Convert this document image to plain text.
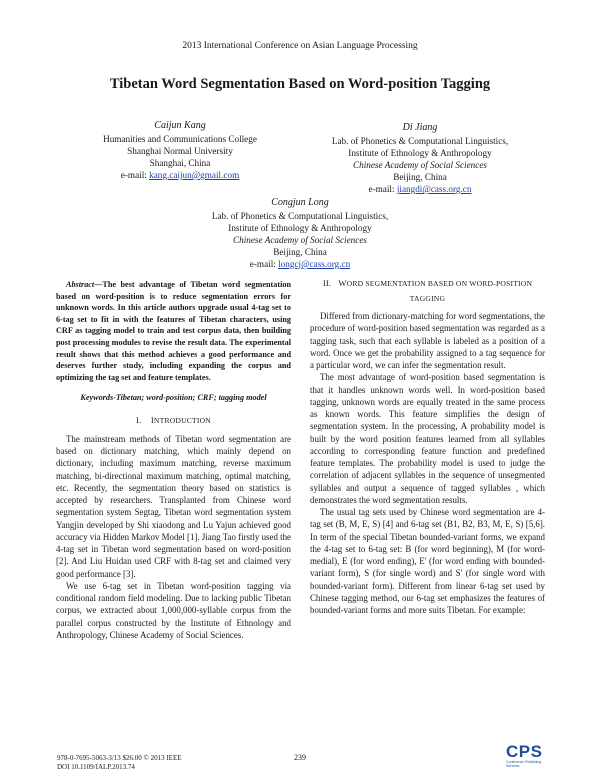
2013 International Conference on Asian Language Processing
Tibetan Word Segmentation Based on Word-position Tagging
Caijun Kang
Humanities and Communications College
Shanghai Normal University
Shanghai, China
e-mail: kang.caijun@gmail.com
Di Jiang
Lab. of Phonetics & Computational Linguistics,
Institute of Ethnology & Anthropology
Chinese Academy of Social Sciences
Beijing, China
e-mail: jiangdi@cass.org.cn
Congjun Long
Lab. of Phonetics & Computational Linguistics,
Institute of Ethnology & Anthropology
Chinese Academy of Social Sciences
Beijing, China
e-mail: longcj@cass.org.cn

Abstract—The best advantage of Tibetan word segmentation based on word-position is to reduce segmentation errors for unknown words. In this article authors upgrade usual 4-tag set to 6-tag set to fit in with the features of Tibetan characters, using CRF as tagging model to train and test corpus data, then building post processing modules to revise the result data. The experimental result shows that this method achieves a good performance and deserves further study, including expanding the corpus and optimizing the tag set and feature templates.

Keywords-Tibetan; word-position; CRF; tagging model

I. INTRODUCTION

The mainstream methods of Tibetan word segmentation are based on dictionary matching, which mainly depend on dictionary, including maximum matching, reverse maximum matching, bi-directional maximum matching, optimal matching, etc. Recently, the segmentation theory based on statistics is accepted by researchers. Transplanted from Chinese word segmentation system Segtag, Tibetan word segmentation system Yangjin developed by Shi xiaodong and Lu Yajun achieved good accuracy via Hidden Markov Model [1]. Jiang Tao firstly used the 4-tag set in Tibetan word segmentation based on word-position [2]. And Liu Huidan used CRF with 8-tag set and claimed very good performance [3].

We use 6-tag set in Tibetan word-position tagging via conditional random field modeling. Due to lacking public Tibetan corpus, we extracted about 1,000,000-syllable corpus from the parallel corpus constructed by the Institute of Ethnology and Anthropology, Chinese Academy of Social Sciences.

II. WORD SEGMENTATION BASED ON WORD-POSITION
TAGGING

Differed from dictionary-matching for word segmentations, the procedure of word-position based segmentation was regarded as a tagging task, such that each syllable is labeled as a position of a word. Once we get the probability assigned to a tag sequence for a particular word, we can infer the segmentation result.

The most advantage of word-position based segmentation is that it handles unknown words well. In word-position based tagging, unknown words are equally treated in the same process as known words. This feature simplifies the design of segmentation system. In the processing, A probability model is built by the word position features learned from all syllables according to corresponding feature function and predefined feature templates. The probability model is used to judge the correlation of adjacent syllables in the sequence of unsegmented syllables and output a sequence of tagged syllables , which demonstrates the word segmentation results.

The usual tag sets used by Chinese word segmentation are 4-tag set (B, M, E, S) [4] and 6-tag set (B1, B2, B3, M, E, S) [5,6]. In term of the special Tibetan bounded-variant forms, we expand the 4-tag set to 6-tag set: B (for word beginning), M (for word-medial), E (for word ending), E' (for word ending with bounded-variant form), S (for single word) and S' (for single word with bounded-variant form). Different from linear 6-tag set used by Chinese tagging method, our 6-tag set emphasizes the features of bounded-variant forms and more suits Tibetan. For example:

978-0-7695-5063-3/13 $26.00 © 2013 IEEE
DOI 10.1109/IALP.2013.74
239	CPS
Conference Publishing Services
